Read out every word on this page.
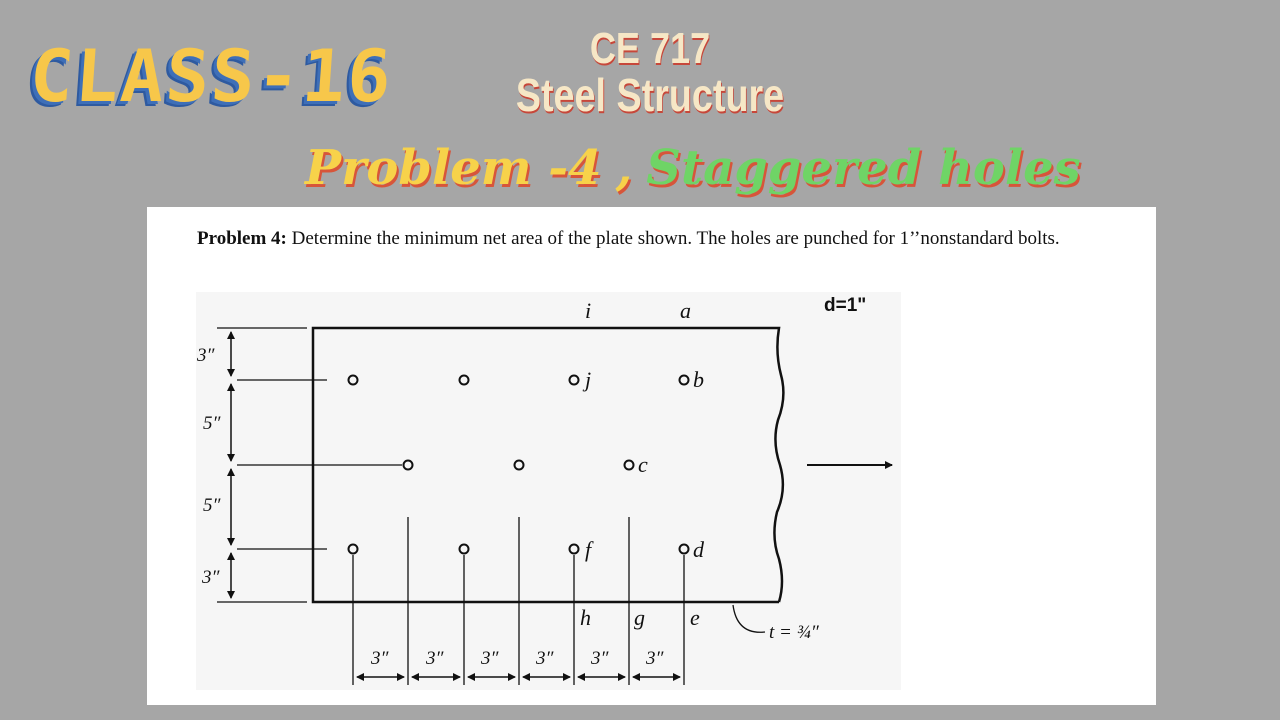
CLASS-16	CE 717
Steel Structure
Problem -4 , Staggered holes
Problem 4: Determine the minimum net area of the plate shown. The holes are punched for 1’’nonstandard bolts.
3″
5″
5″
3″
i	a
j	b
c
f	d
h g e
t = ¾″
d=1"
3″ 3″ 3″ 3″ 3″ 3″
